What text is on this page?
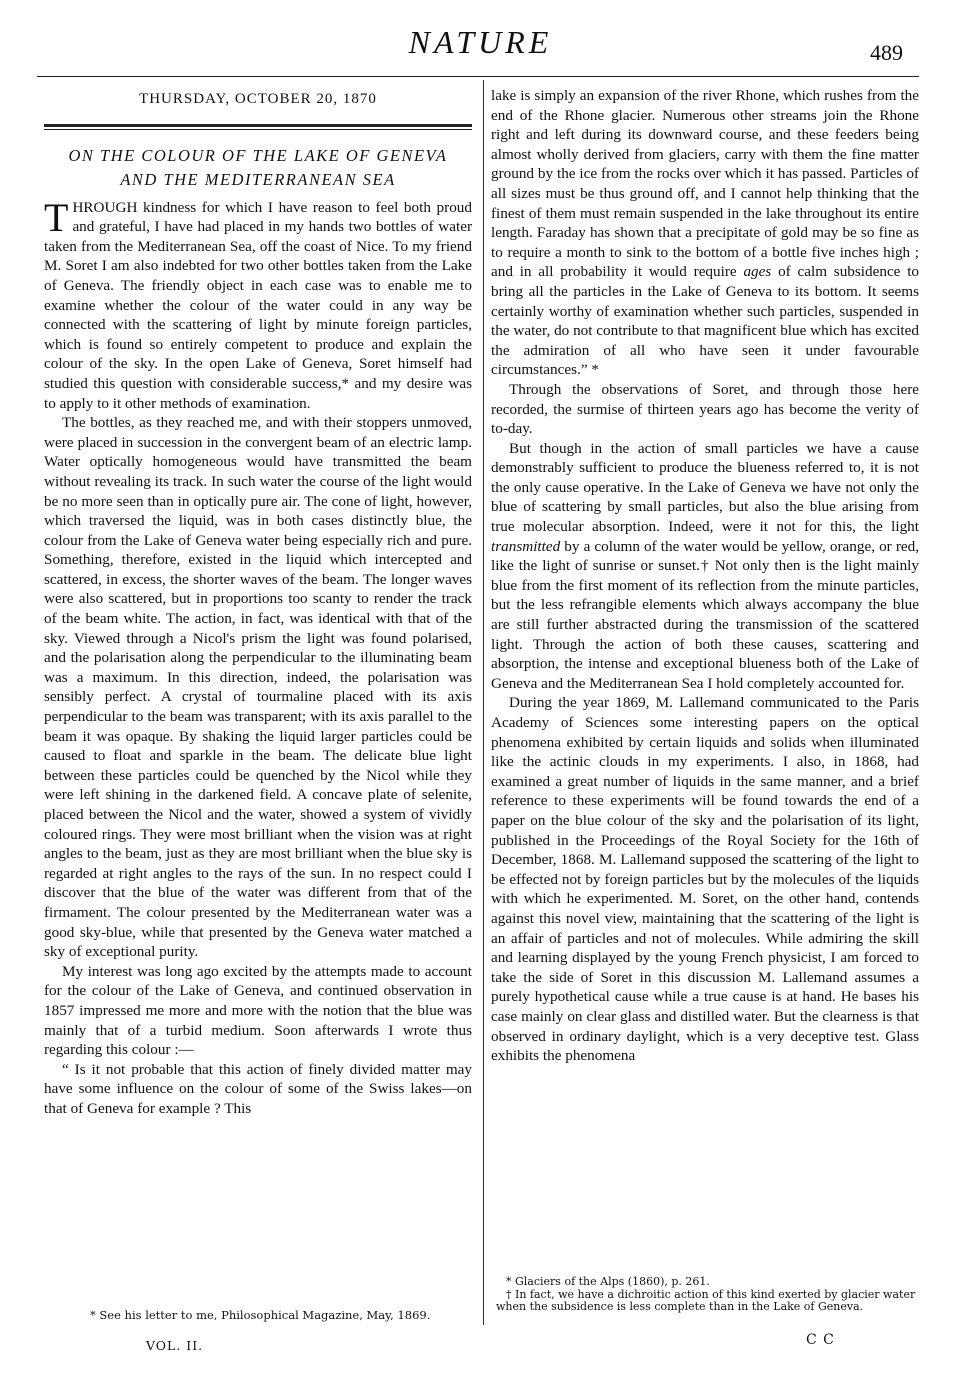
NATURE	489
THURSDAY, OCTOBER 20, 1870
ON THE COLOUR OF THE LAKE OF GENEVA
AND THE MEDITERRANEAN SEA

THROUGH kindness for which I have reason to feel both proud and grateful, I have had placed in my hands two bottles of water taken from the Mediterranean Sea, off the coast of Nice. To my friend M. Soret I am also indebted for two other bottles taken from the Lake of Geneva. The friendly object in each case was to enable me to examine whether the colour of the water could in any way be connected with the scattering of light by minute foreign particles, which is found so entirely competent to produce and explain the colour of the sky. In the open Lake of Geneva, Soret himself had studied this question with considerable success,* and my desire was to apply to it other methods of examination.

The bottles, as they reached me, and with their stoppers unmoved, were placed in succession in the convergent beam of an electric lamp. Water optically homogeneous would have transmitted the beam without revealing its track. In such water the course of the light would be no more seen than in optically pure air. The cone of light, however, which traversed the liquid, was in both cases distinctly blue, the colour from the Lake of Geneva water being especially rich and pure. Something, therefore, existed in the liquid which intercepted and scattered, in excess, the shorter waves of the beam. The longer waves were also scattered, but in proportions too scanty to render the track of the beam white. The action, in fact, was identical with that of the sky. Viewed through a Nicol's prism the light was found polarised, and the polarisation along the perpendicular to the illuminating beam was a maximum. In this direction, indeed, the polarisation was sensibly perfect. A crystal of tourmaline placed with its axis perpendicular to the beam was transparent; with its axis parallel to the beam it was opaque. By shaking the liquid larger particles could be caused to float and sparkle in the beam. The delicate blue light between these particles could be quenched by the Nicol while they were left shining in the darkened field. A concave plate of selenite, placed between the Nicol and the water, showed a system of vividly coloured rings. They were most brilliant when the vision was at right angles to the beam, just as they are most brilliant when the blue sky is regarded at right angles to the rays of the sun. In no respect could I discover that the blue of the water was different from that of the firmament. The colour presented by the Mediterranean water was a good sky-blue, while that presented by the Geneva water matched a sky of exceptional purity.

My interest was long ago excited by the attempts made to account for the colour of the Lake of Geneva, and continued observation in 1857 impressed me more and more with the notion that the blue was mainly that of a turbid medium. Soon afterwards I wrote thus regarding this colour :—

“ Is it not probable that this action of finely divided matter may have some influence on the colour of some of the Swiss lakes—on that of Geneva for example ? This

* See his letter to me, Philosophical Magazine, May, 1869.
VOL. II.

lake is simply an expansion of the river Rhone, which rushes from the end of the Rhone glacier. Numerous other streams join the Rhone right and left during its downward course, and these feeders being almost wholly derived from glaciers, carry with them the fine matter ground by the ice from the rocks over which it has passed. Particles of all sizes must be thus ground off, and I cannot help thinking that the finest of them must remain suspended in the lake throughout its entire length. Faraday has shown that a precipitate of gold may be so fine as to require a month to sink to the bottom of a bottle five inches high ; and in all probability it would require ages of calm subsidence to bring all the particles in the Lake of Geneva to its bottom. It seems certainly worthy of examination whether such particles, suspended in the water, do not contribute to that magnificent blue which has excited the admiration of all who have seen it under favourable circumstances.” *

Through the observations of Soret, and through those here recorded, the surmise of thirteen years ago has become the verity of to-day.

But though in the action of small particles we have a cause demonstrably sufficient to produce the blueness referred to, it is not the only cause operative. In the Lake of Geneva we have not only the blue of scattering by small particles, but also the blue arising from true molecular absorption. Indeed, were it not for this, the light transmitted by a column of the water would be yellow, orange, or red, like the light of sunrise or sunset.† Not only then is the light mainly blue from the first moment of its reflection from the minute particles, but the less refrangible elements which always accompany the blue are still further abstracted during the transmission of the scattered light. Through the action of both these causes, scattering and absorption, the intense and exceptional blueness both of the Lake of Geneva and the Mediterranean Sea I hold completely accounted for.

During the year 1869, M. Lallemand communicated to the Paris Academy of Sciences some interesting papers on the optical phenomena exhibited by certain liquids and solids when illuminated like the actinic clouds in my experiments. I also, in 1868, had examined a great number of liquids in the same manner, and a brief reference to these experiments will be found towards the end of a paper on the blue colour of the sky and the polarisation of its light, published in the Proceedings of the Royal Society for the 16th of December, 1868. M. Lallemand supposed the scattering of the light to be effected not by foreign particles but by the molecules of the liquids with which he experimented. M. Soret, on the other hand, contends against this novel view, maintaining that the scattering of the light is an affair of particles and not of molecules. While admiring the skill and learning displayed by the young French physicist, I am forced to take the side of Soret in this discussion M. Lallemand assumes a purely hypothetical cause while a true cause is at hand. He bases his case mainly on clear glass and distilled water. But the clearness is that observed in ordinary daylight, which is a very deceptive test. Glass exhibits the phenomena

* Glaciers of the Alps (1860), p. 261.
† In fact, we have a dichroitic action of this kind exerted by glacier water when the subsidence is less complete than in the Lake of Geneva.
C C
